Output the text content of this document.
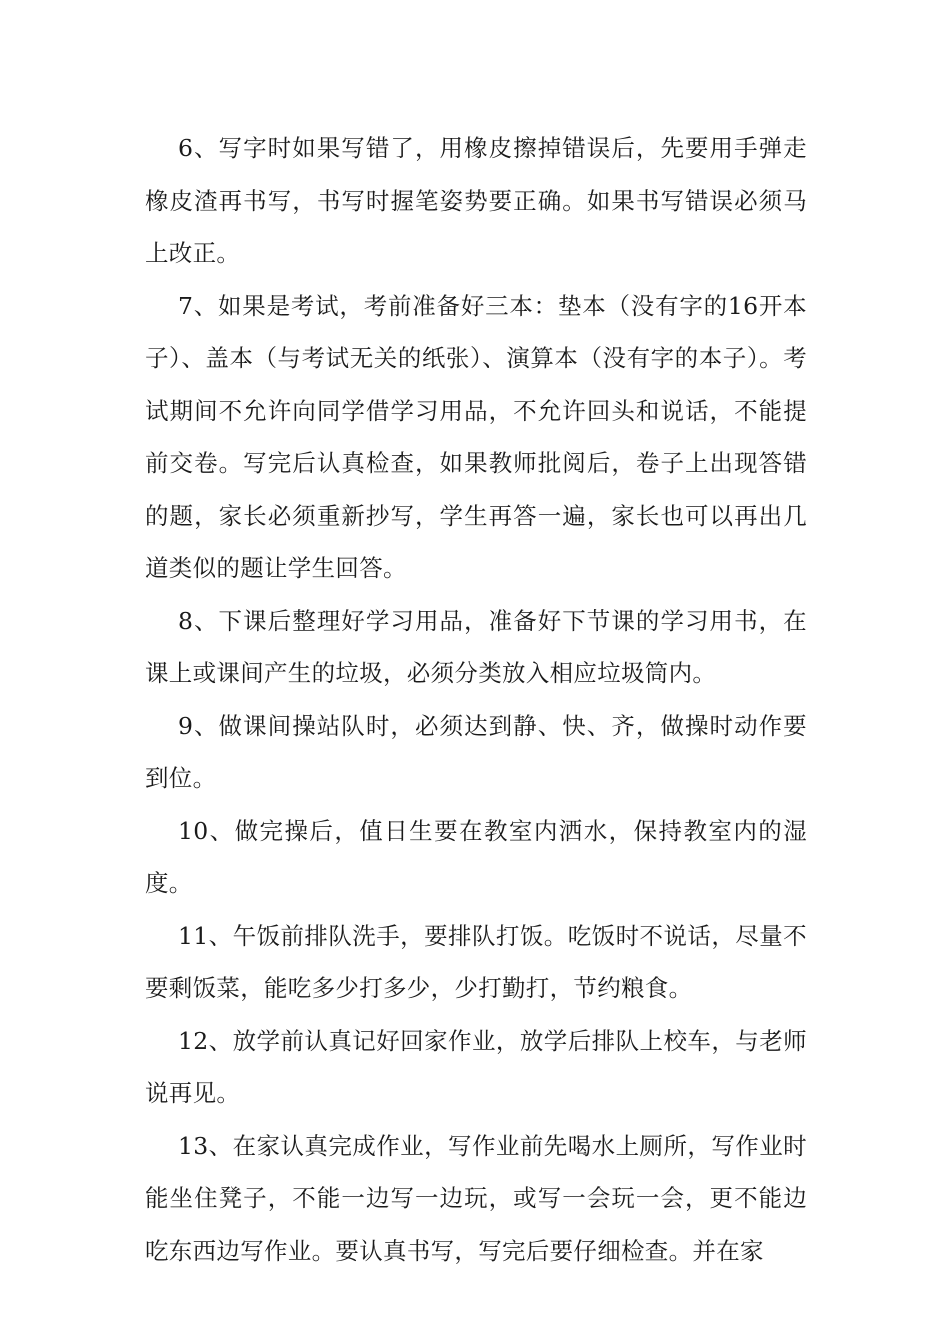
6、写字时如果写错了，用橡皮擦掉错误后，先要用手弹走橡皮渣再书写，书写时握笔姿势要正确。如果书写错误必须马上改正。

7、如果是考试，考前准备好三本：垫本（没有字的16开本子）、盖本（与考试无关的纸张）、演算本（没有字的本子）。考试期间不允许向同学借学习用品，不允许回头和说话，不能提前交卷。写完后认真检查，如果教师批阅后，卷子上出现答错的题，家长必须重新抄写，学生再答一遍，家长也可以再出几道类似的题让学生回答。

8、下课后整理好学习用品，准备好下节课的学习用书，在课上或课间产生的垃圾，必须分类放入相应垃圾筒内。

9、做课间操站队时，必须达到静、快、齐，做操时动作要到位。

10、做完操后，值日生要在教室内洒水，保持教室内的湿度。

11、午饭前排队洗手，要排队打饭。吃饭时不说话，尽量不要剩饭菜，能吃多少打多少，少打勤打，节约粮食。

12、放学前认真记好回家作业，放学后排队上校车，与老师说再见。

13、在家认真完成作业，写作业前先喝水上厕所，写作业时能坐住凳子，不能一边写一边玩，或写一会玩一会，更不能边吃东西边写作业。要认真书写，写完后要仔细检查。并在家
